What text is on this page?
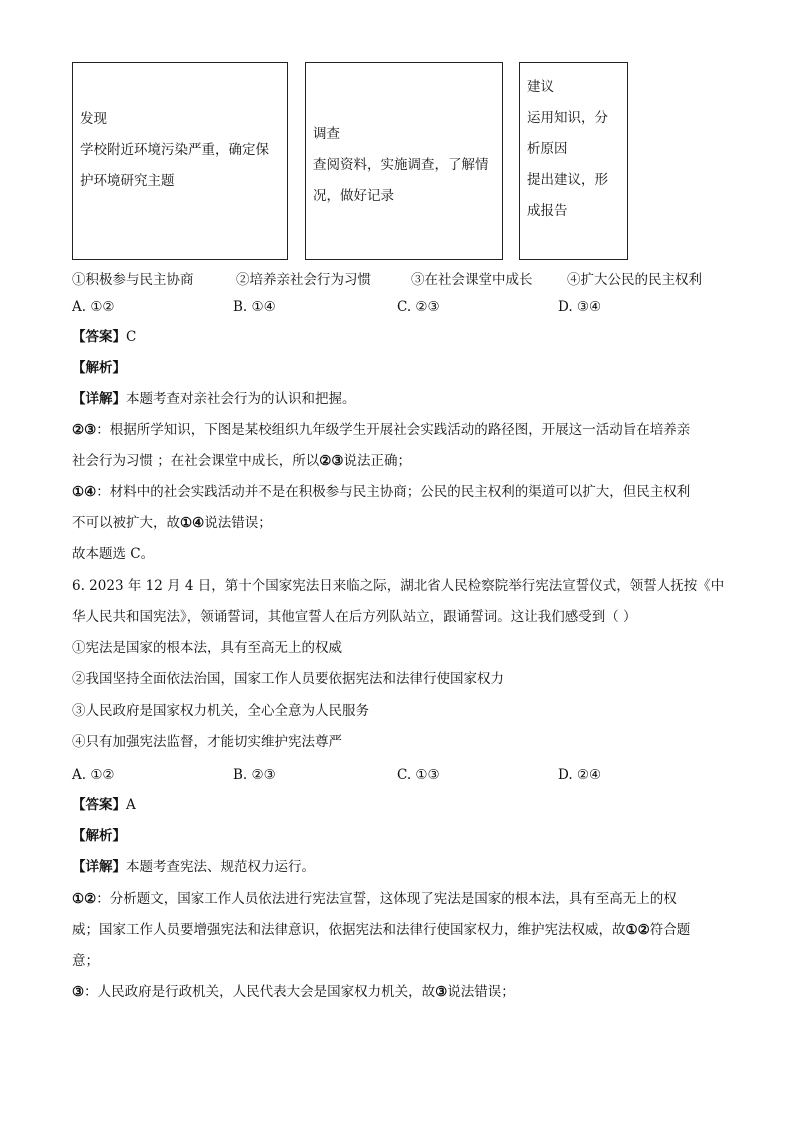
发现
学校附近环境污染严重，确定保
护环境研究主题
调查
查阅资料，实施调查，了解情
况，做好记录
建议
运用知识，分
析原因
提出建议，形
成报告
①积极参与民主协商	②培养亲社会行为习惯	③在社会课堂中成长	④扩大公民的民主权利
A. ①②	B. ①④	C. ②③	D. ③④
【答案】C
【解析】
【详解】本题考查对亲社会行为的认识和把握。
②③：根据所学知识，下图是某校组织九年级学生开展社会实践活动的路径图，开展这一活动旨在培养亲
社会行为习惯 ；在社会课堂中成长，所以②③说法正确；
①④：材料中的社会实践活动并不是在积极参与民主协商；公民的民主权利的渠道可以扩大，但民主权利
不可以被扩大，故①④说法错误；
故本题选 C。
6. 2023 年 12 月 4 日，第十个国家宪法日来临之际，湖北省人民检察院举行宪法宣誓仪式，领誓人抚按《中
华人民共和国宪法》，领诵誓词，其他宣誓人在后方列队站立，跟诵誓词。这让我们感受到（ ）
①宪法是国家的根本法，具有至高无上的权威
②我国坚持全面依法治国，国家工作人员要依据宪法和法律行使国家权力
③人民政府是国家权力机关，全心全意为人民服务
④只有加强宪法监督，才能切实维护宪法尊严
A. ①②	B. ②③	C. ①③	D. ②④
【答案】A
【解析】
【详解】本题考查宪法、规范权力运行。
①②：分析题文，国家工作人员依法进行宪法宣誓，这体现了宪法是国家的根本法，具有至高无上的权
威；国家工作人员要增强宪法和法律意识，依据宪法和法律行使国家权力，维护宪法权威，故①②符合题
意；
③：人民政府是行政机关，人民代表大会是国家权力机关，故③说法错误；
